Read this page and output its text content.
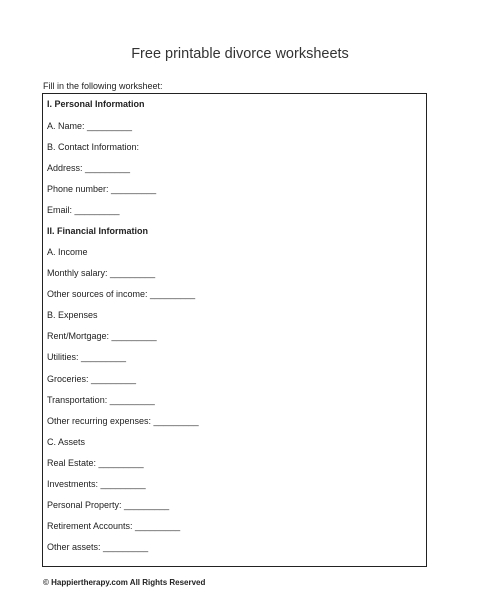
Free printable divorce worksheets
Fill in the following worksheet:
I. Personal Information
A. Name: _________
B. Contact Information:
Address: _________
Phone number: _________
Email: _________
II. Financial Information
A. Income
Monthly salary: _________
Other sources of income: _________
B. Expenses
Rent/Mortgage: _________
Utilities: _________
Groceries: _________
Transportation: _________
Other recurring expenses: _________
C. Assets
Real Estate: _________
Investments: _________
Personal Property: _________
Retirement Accounts: _________
Other assets: _________
© Happiertherapy.com All Rights Reserved
